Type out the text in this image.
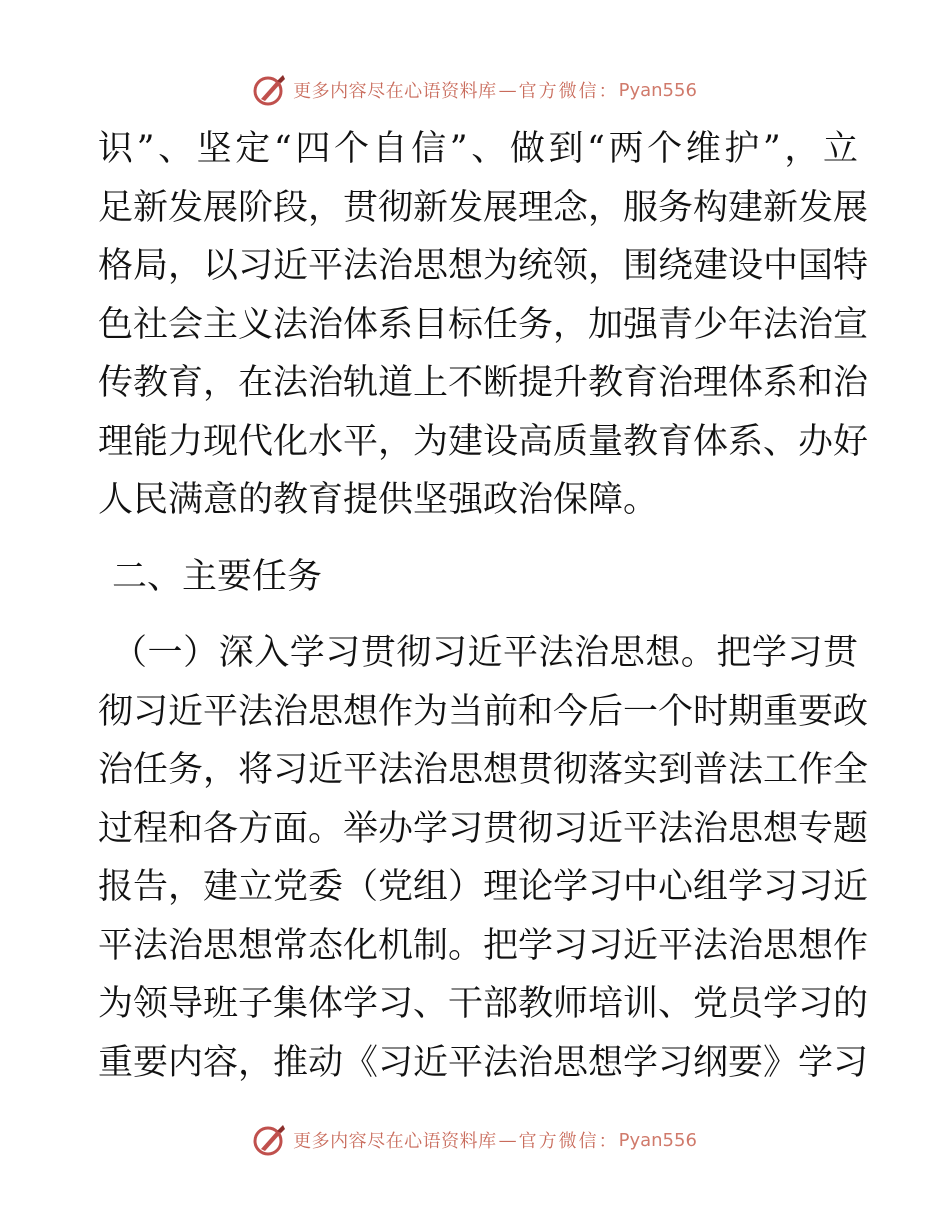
更多内容尽在心语资料库 — 官方微信： Pyan556
识”、坚定“四个自信”、做到“两个维护”，立
足新发展阶段，贯彻新发展理念，服务构建新发展
格局，以习近平法治思想为统领，围绕建设中国特
色社会主义法治体系目标任务，加强青少年法治宣
传教育，在法治轨道上不断提升教育治理体系和治
理能力现代化水平，为建设高质量教育体系、办好
人民满意的教育提供坚强政治保障。
二、主要任务
（一）深入学习贯彻习近平法治思想。把学习贯
彻习近平法治思想作为当前和今后一个时期重要政
治任务，将习近平法治思想贯彻落实到普法工作全
过程和各方面。举办学习贯彻习近平法治思想专题
报告，建立党委（党组）理论学习中心组学习习近
平法治思想常态化机制。把学习习近平法治思想作
为领导班子集体学习、干部教师培训、党员学习的
重要内容，推动《习近平法治思想学习纲要》学习
更多内容尽在心语资料库 — 官方微信： Pyan556
